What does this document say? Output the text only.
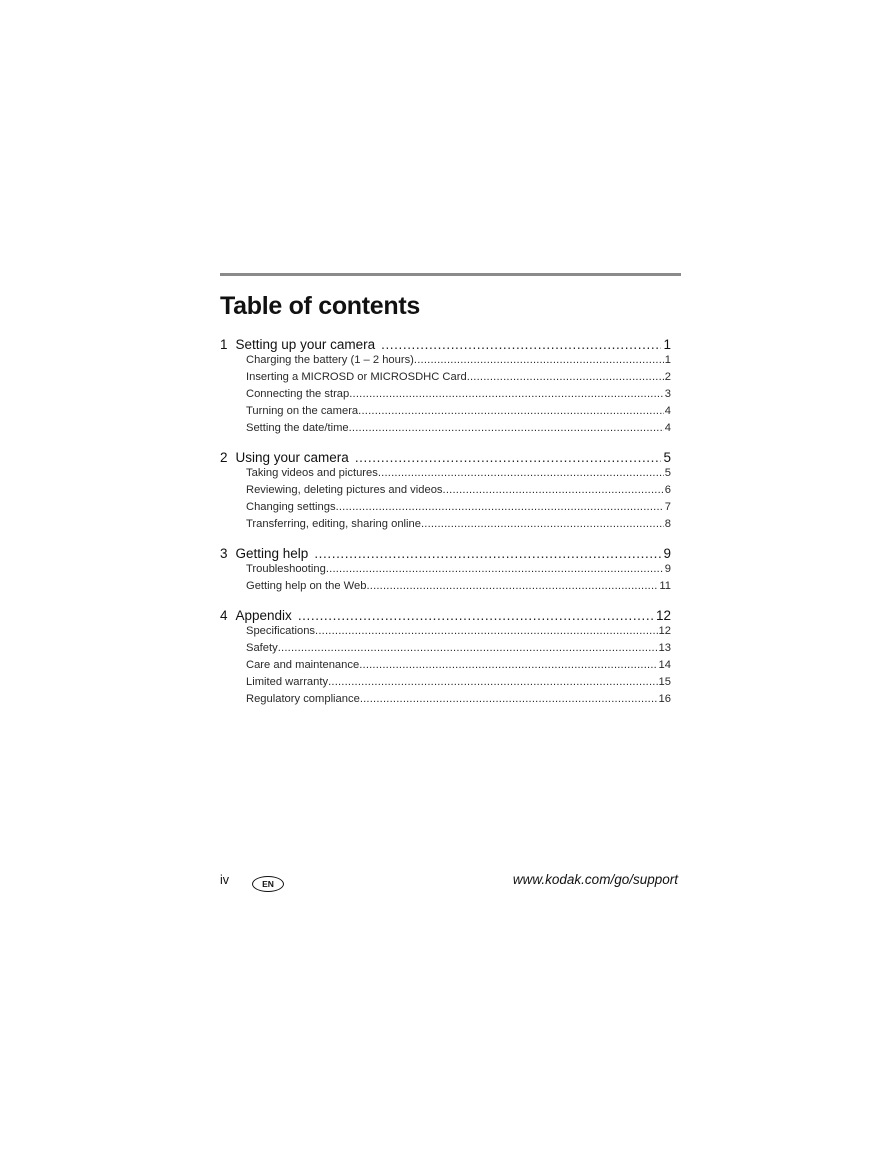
Table of contents
1 Setting up your camera .....	1
Charging the battery (1 – 2 hours) .....	1
Inserting a MICROSD or MICROSDHC Card .....	2
Connecting the strap .....	3
Turning on the camera .....	4
Setting the date/time .....	4
2 Using your camera .....	5
Taking videos and pictures .....	5
Reviewing, deleting pictures and videos .....	6
Changing settings .....	7
Transferring, editing, sharing online .....	8
3 Getting help .....	9
Troubleshooting .....	9
Getting help on the Web .....	11
4 Appendix .....	12
Specifications .....	12
Safety .....	13
Care and maintenance .....	14
Limited warranty .....	15
Regulatory compliance .....	16
iv	EN	www.kodak.com/go/support
